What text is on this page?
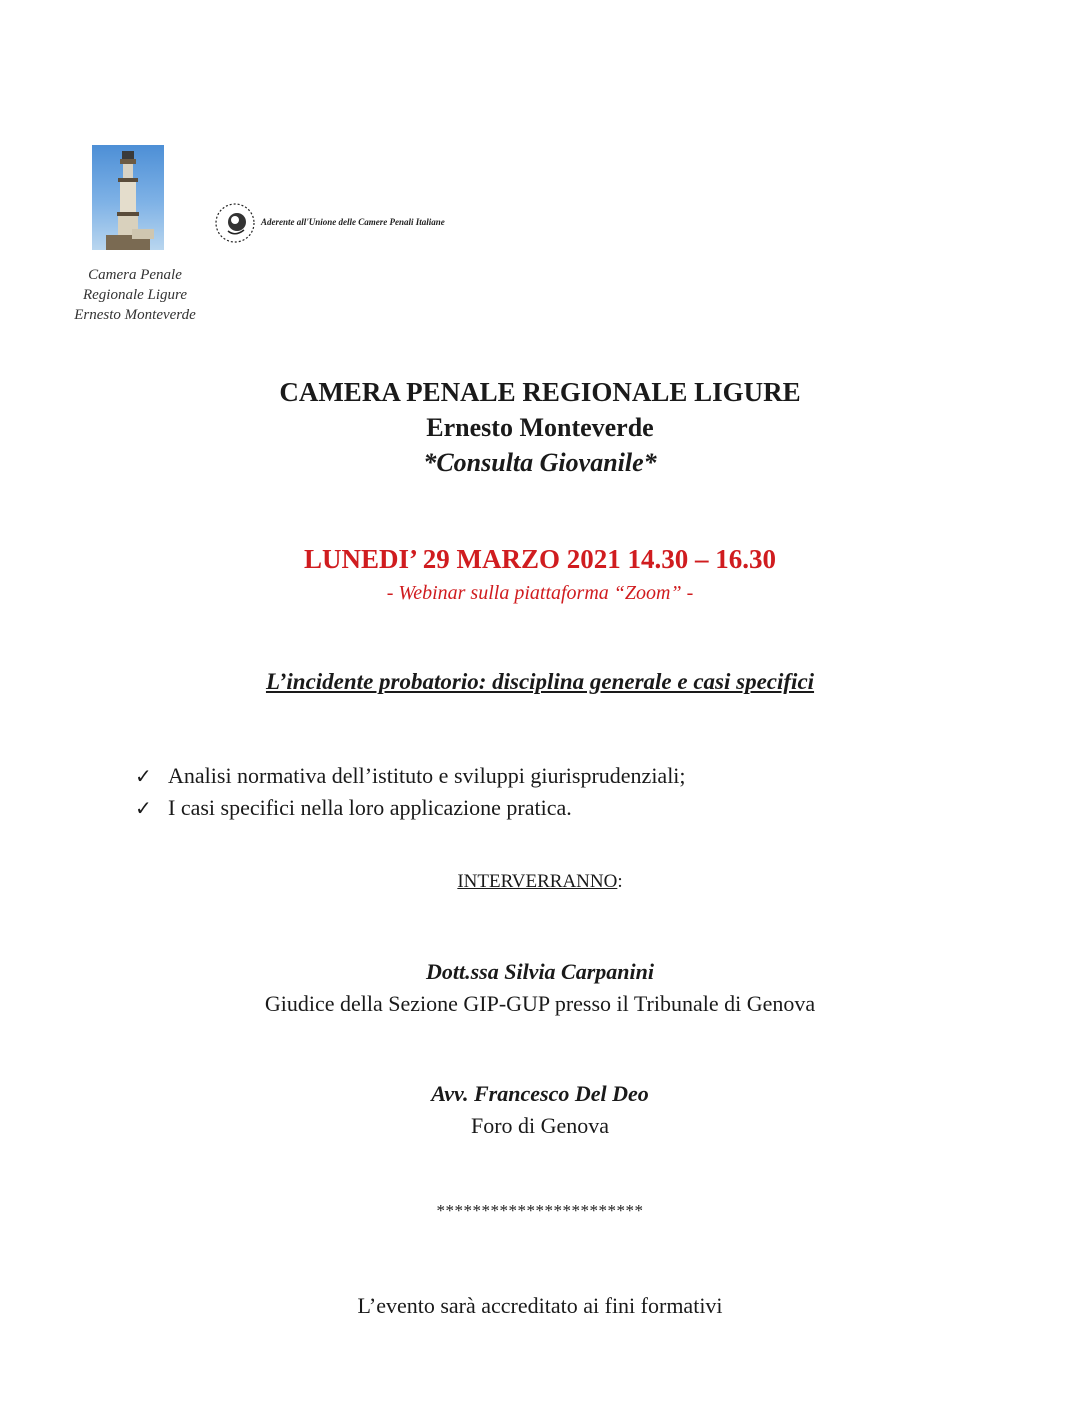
Camera Penale
Regionale Ligure
Ernesto Monteverde
Aderente all'Unione delle Camere Penali Italiane
CAMERA PENALE REGIONALE LIGURE
Ernesto Monteverde
*Consulta Giovanile*
LUNEDI’ 29 MARZO 2021 14.30 – 16.30
- Webinar sulla piattaforma “Zoom” -
L’incidente probatorio: disciplina generale e casi specifici
✓ Analisi normativa dell’istituto e sviluppi giurisprudenziali;
✓ I casi specifici nella loro applicazione pratica.
INTERVERRANNO:
Dott.ssa Silvia Carpanini
Giudice della Sezione GIP-GUP presso il Tribunale di Genova
Avv. Francesco Del Deo
Foro di Genova
***********************
L’evento sarà accreditato ai fini formativi
